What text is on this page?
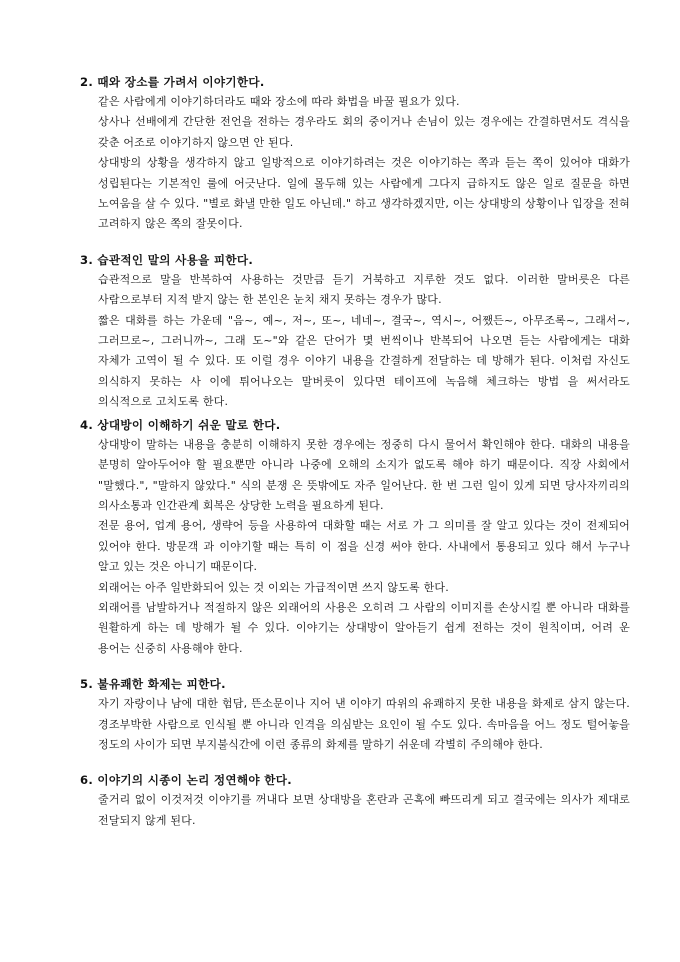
2. 때와 장소를 가려서 이야기한다.

같은 사람에게 이야기하더라도 때와 장소에 따라 화법을 바꿀 필요가 있다.

상사나 선배에게 간단한 전언을 전하는 경우라도 회의 중이거나 손님이 있는 경우에는 간결하면서도 격식을 갖춘 어조로 이야기하지 않으면 안 된다.

상대방의 상황을 생각하지 않고 일방적으로 이야기하려는 것은 이야기하는 쪽과 듣는 쪽이 있어야 대화가 성립된다는 기본적인 룰에 어긋난다. 일에 몰두해 있는 사람에게 그다지 급하지도 않은 일로 질문을 하면 노여움을 살 수 있다. "별로 화낼 만한 일도 아닌데." 하고 생각하겠지만, 이는 상대방의 상황이나 입장을 전혀 고려하지 않은 쪽의 잘못이다.

3. 습관적인 말의 사용을 피한다.

습관적으로 말을 반복하여 사용하는 것만큼 듣기 거북하고 지루한 것도 없다. 이러한 말버릇은 다른 사람으로부터 지적 받지 않는 한 본인은 눈치 채지 못하는 경우가 많다.

짧은 대화를 하는 가운데 "음~, 예~, 저~, 또~, 네네~, 결국~, 역시~, 어쨌든~, 아무조록~, 그래서~, 그러므로~, 그러니까~, 그래 도~"와 같은 단어가 몇 번씩이나 반복되어 나오면 듣는 사람에게는 대화 자체가 고역이 될 수 있다. 또 이럴 경우 이야기 내용을 간결하게 전달하는 데 방해가 된다. 이처럼 자신도 의식하지 못하는 사 이에 튀어나오는 말버릇이 있다면 테이프에 녹음해 체크하는 방법 을 써서라도 의식적으로 고치도록 한다.

4. 상대방이 이해하기 쉬운 말로 한다.

상대방이 말하는 내용을 충분히 이해하지 못한 경우에는 정중히 다시 물어서 확인해야 한다. 대화의 내용을 분명히 알아두어야 할 필요뿐만 아니라 나중에 오해의 소지가 없도록 해야 하기 때문이다. 직장 사회에서 "말했다.", "말하지 않았다." 식의 분쟁 은 뜻밖에도 자주 일어난다. 한 번 그런 일이 있게 되면 당사자끼리의 의사소통과 인간관계 회복은 상당한 노력을 필요하게 된다.

전문 용어, 업계 용어, 생략어 등을 사용하여 대화할 때는 서로 가 그 의미를 잘 알고 있다는 것이 전제되어 있어야 한다. 방문객 과 이야기할 때는 특히 이 점을 신경 써야 한다. 사내에서 통용되고 있다 해서 누구나 알고 있는 것은 아니기 때문이다.

외래어는 아주 일반화되어 있는 것 이외는 가급적이면 쓰지 않도록 한다.

외래어를 남발하거나 적절하지 않은 외래어의 사용은 오히려 그 사람의 이미지를 손상시킬 뿐 아니라 대화를 원활하게 하는 데 방해가 될 수 있다. 이야기는 상대방이 알아듣기 쉽게 전하는 것이 원칙이며, 어려 운 용어는 신중히 사용해야 한다.

5. 불유쾌한 화제는 피한다.

자기 자랑이나 남에 대한 험담, 뜬소문이나 지어 낸 이야기 따위의 유쾌하지 못한 내용을 화제로 삼지 않는다. 경조부박한 사람으로 인식될 뿐 아니라 인격을 의심받는 요인이 될 수도 있다. 속마음을 어느 정도 털어놓을 정도의 사이가 되면 부지불식간에 이런 종류의 화제를 말하기 쉬운데 각별히 주의해야 한다.

6. 이야기의 시종이 논리 정연해야 한다.

줄거리 없이 이것저것 이야기를 꺼내다 보면 상대방을 혼란과 곤혹에 빠뜨리게 되고 결국에는 의사가 제대로 전달되지 않게 된다.
